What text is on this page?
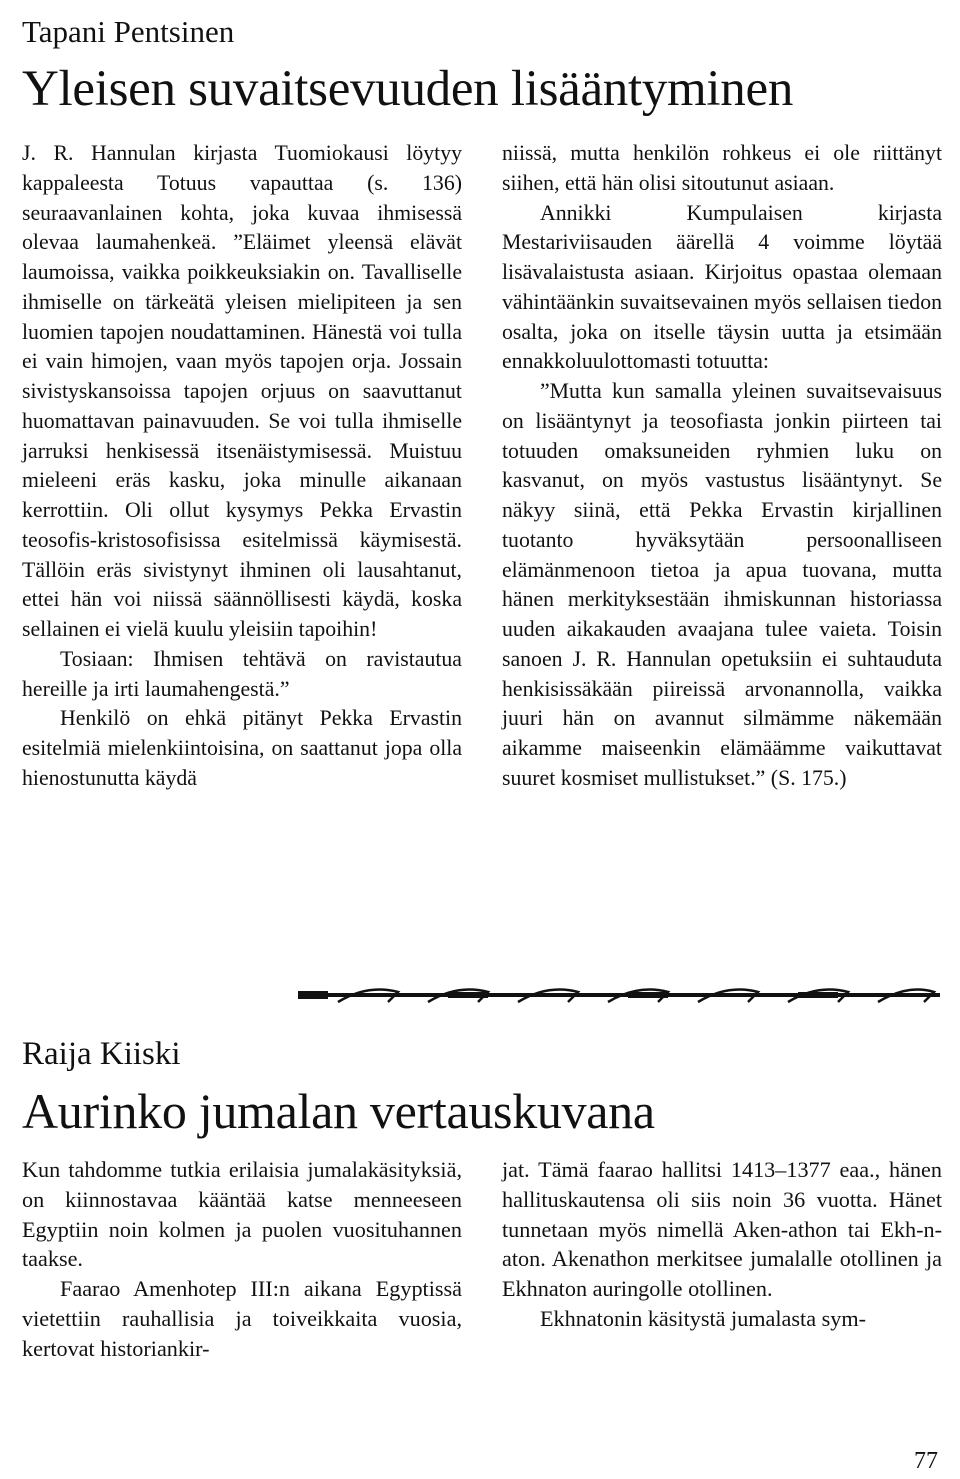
Tapani Pentsinen
Yleisen suvaitsevuuden lisääntyminen

J. R. Hannulan kirjasta Tuomiokausi löytyy kappaleesta Totuus vapauttaa (s. 136) seuraavanlainen kohta, joka kuvaa ihmisessä olevaa laumahenkeä. ”Eläimet yleensä elävät laumoissa, vaikka poikkeuksiakin on. Tavalliselle ihmiselle on tärkeätä yleisen mielipiteen ja sen luomien tapojen noudattaminen. Hänestä voi tulla ei vain himojen, vaan myös tapojen orja. Jossain sivistyskansoissa tapojen orjuus on saavuttanut huomattavan painavuuden. Se voi tulla ihmiselle jarruksi henkisessä itsenäistymisessä. Muistuu mieleeni eräs kasku, joka minulle aikanaan kerrottiin. Oli ollut kysymys Pekka Ervastin teosofis-kristosofisissa esitelmissä käymisestä. Tällöin eräs sivistynyt ihminen oli lausahtanut, ettei hän voi niissä säännöllisesti käydä, koska sellainen ei vielä kuulu yleisiin tapoihin!

Tosiaan: Ihmisen tehtävä on ravistautua hereille ja irti laumahengestä.”

Henkilö on ehkä pitänyt Pekka Ervastin esitelmiä mielenkiintoisina, on saattanut jopa olla hienostunutta käydä

niissä, mutta henkilön rohkeus ei ole riittänyt siihen, että hän olisi sitoutunut asiaan.

Annikki Kumpulaisen kirjasta Mestariviisauden äärellä 4 voimme löytää lisävalaistusta asiaan. Kirjoitus opastaa olemaan vähintäänkin suvaitsevainen myös sellaisen tiedon osalta, joka on itselle täysin uutta ja etsimään ennakkoluulottomasti totuutta:

”Mutta kun samalla yleinen suvaitsevaisuus on lisääntynyt ja teosofiasta jonkin piirteen tai totuuden omaksuneiden ryhmien luku on kasvanut, on myös vastustus lisääntynyt. Se näkyy siinä, että Pekka Ervastin kirjallinen tuotanto hyväksytään persoonalliseen elämänmenoon tietoa ja apua tuovana, mutta hänen merkityksestään ihmiskunnan historiassa uuden aikakauden avaajana tulee vaieta. Toisin sanoen J. R. Hannulan opetuksiin ei suhtauduta henkisissäkään piireissä arvonannolla, vaikka juuri hän on avannut silmämme näkemään aikamme maiseenkin elämäämme vaikuttavat suuret kosmiset mullistukset.” (S. 175.)

Raija Kiiski
Aurinko jumalan vertauskuvana

Kun tahdomme tutkia erilaisia jumalakäsityksiä, on kiinnostavaa kääntää katse menneeseen Egyptiin noin kolmen ja puolen vuosituhannen taakse.

Faarao Amenhotep III:n aikana Egyptissä vietettiin rauhallisia ja toiveikkaita vuosia, kertovat historiankir-

jat. Tämä faarao hallitsi 1413–1377 eaa., hänen hallituskautensa oli siis noin 36 vuotta. Hänet tunnetaan myös nimellä Aken-athon tai Ekh-n-aton. Akenathon merkitsee jumalalle otollinen ja Ekhnaton auringolle otollinen.

Ekhnatonin käsitystä jumalasta sym-

77
